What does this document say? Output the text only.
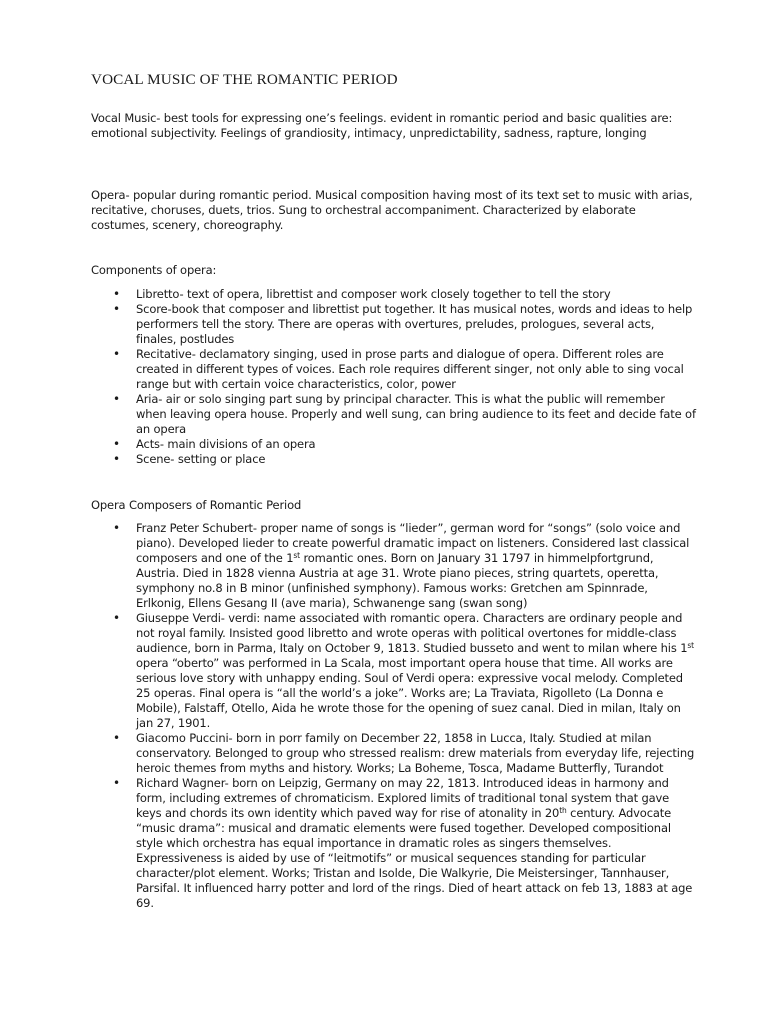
VOCAL MUSIC OF THE ROMANTIC PERIOD

Vocal Music- best tools for expressing one’s feelings. evident in romantic period and basic qualities are: emotional subjectivity. Feelings of grandiosity, intimacy, unpredictability, sadness, rapture, longing

Opera- popular during romantic period. Musical composition having most of its text set to music with arias, recitative, choruses, duets, trios. Sung to orchestral accompaniment. Characterized by elaborate costumes, scenery, choreography.

Components of opera:

• Libretto- text of opera, librettist and composer work closely together to tell the story
• Score-book that composer and librettist put together. It has musical notes, words and ideas to help performers tell the story. There are operas with overtures, preludes, prologues, several acts, finales, postludes
• Recitative- declamatory singing, used in prose parts and dialogue of opera. Different roles are created in different types of voices. Each role requires different singer, not only able to sing vocal range but with certain voice characteristics, color, power
• Aria- air or solo singing part sung by principal character. This is what the public will remember when leaving opera house. Properly and well sung, can bring audience to its feet and decide fate of an opera
• Acts- main divisions of an opera
• Scene- setting or place

Opera Composers of Romantic Period

• Franz Peter Schubert- proper name of songs is “lieder”, german word for “songs” (solo voice and piano). Developed lieder to create powerful dramatic impact on listeners. Considered last classical composers and one of the 1st romantic ones. Born on January 31 1797 in himmelpfortgrund, Austria. Died in 1828 vienna Austria at age 31. Wrote piano pieces, string quartets, operetta, symphony no.8 in B minor (unfinished symphony). Famous works: Gretchen am Spinnrade, Erlkonig, Ellens Gesang II (ave maria), Schwanenge sang (swan song)
• Giuseppe Verdi- verdi: name associated with romantic opera. Characters are ordinary people and not royal family. Insisted good libretto and wrote operas with political overtones for middle-class audience, born in Parma, Italy on October 9, 1813. Studied busseto and went to milan where his 1st opera “oberto” was performed in La Scala, most important opera house that time. All works are serious love story with unhappy ending. Soul of Verdi opera: expressive vocal melody. Completed 25 operas. Final opera is “all the world’s a joke”. Works are; La Traviata, Rigolleto (La Donna e Mobile), Falstaff, Otello, Aida he wrote those for the opening of suez canal. Died in milan, Italy on jan 27, 1901.
• Giacomo Puccini- born in porr family on December 22, 1858 in Lucca, Italy. Studied at milan conservatory. Belonged to group who stressed realism: drew materials from everyday life, rejecting heroic themes from myths and history. Works; La Boheme, Tosca, Madame Butterfly, Turandot
• Richard Wagner- born on Leipzig, Germany on may 22, 1813. Introduced ideas in harmony and form, including extremes of chromaticism. Explored limits of traditional tonal system that gave keys and chords its own identity which paved way for rise of atonality in 20th century. Advocate “music drama”: musical and dramatic elements were fused together. Developed compositional style which orchestra has equal importance in dramatic roles as singers themselves. Expressiveness is aided by use of “leitmotifs” or musical sequences standing for particular character/plot element. Works; Tristan and Isolde, Die Walkyrie, Die Meistersinger, Tannhauser, Parsifal. It influenced harry potter and lord of the rings. Died of heart attack on feb 13, 1883 at age 69.
